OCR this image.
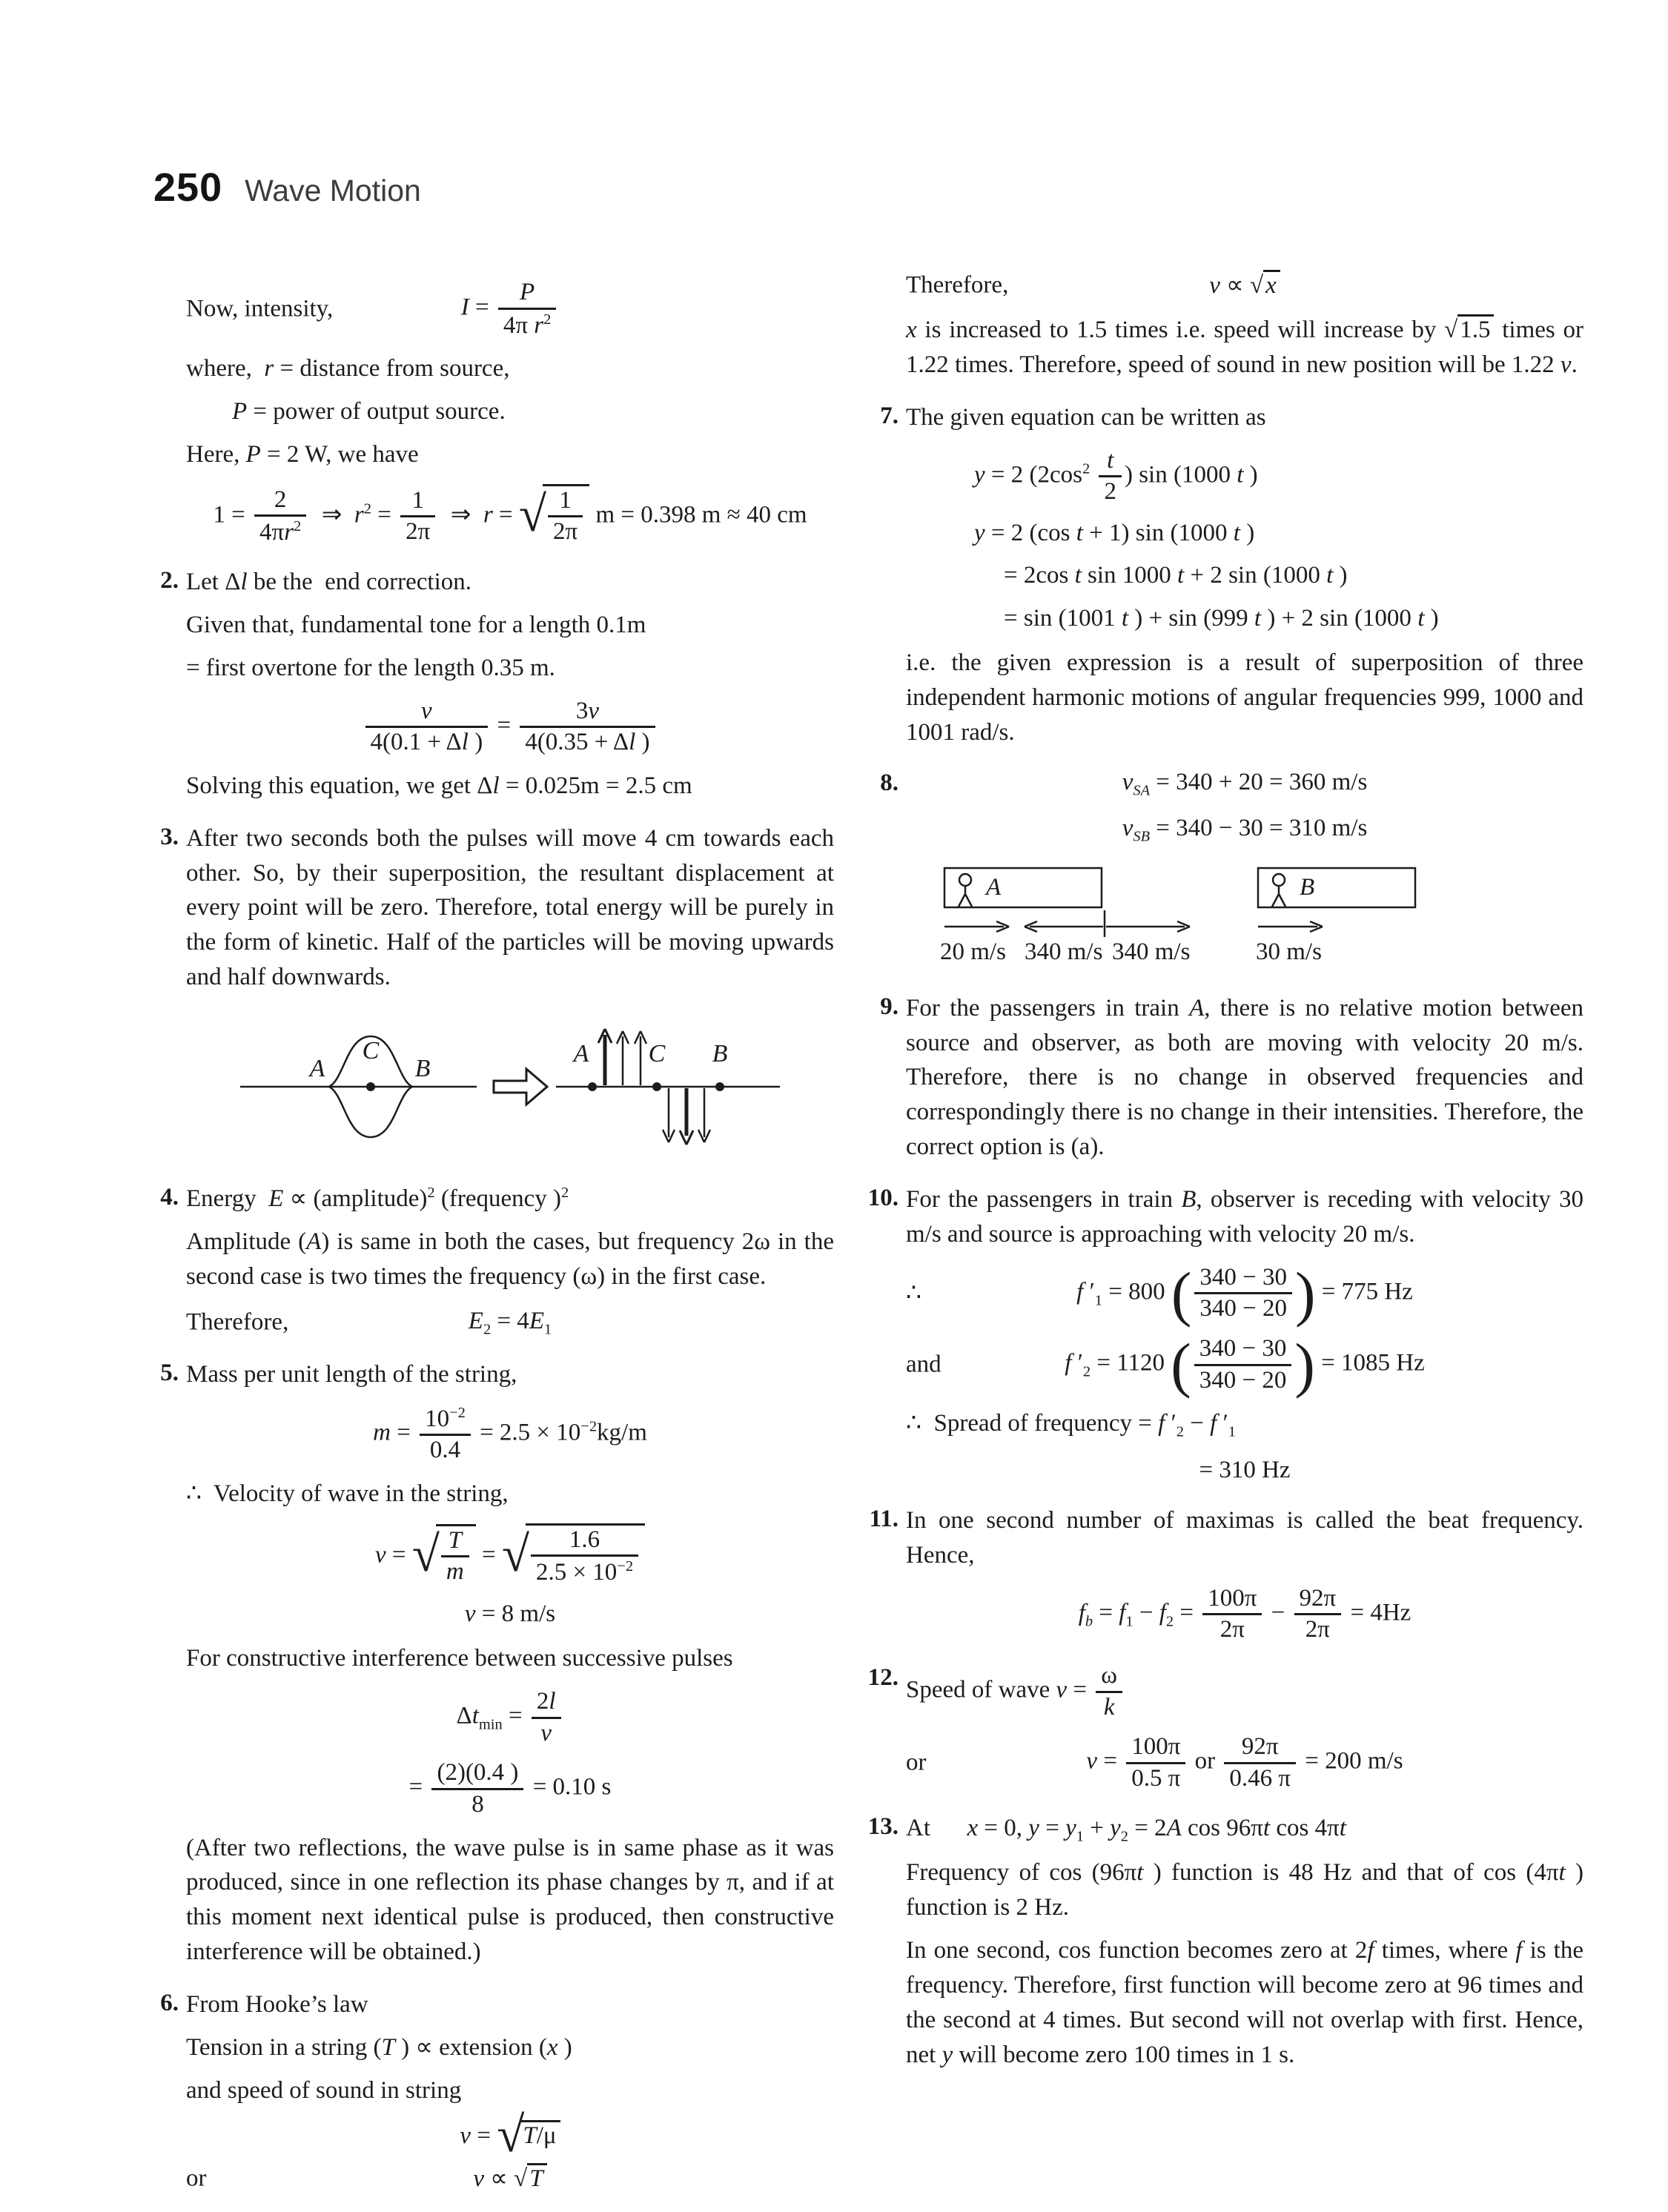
250 Wave Motion
Now, intensity,	$I = \frac{P}{4\pi r^2}$
where,  r = distance from source,
P = power of output source.
Here, P = 2 W, we have
$1 = \frac{2}{4\pi r^2}$ ⇒  $r^2 = \frac{1}{2\pi}$ ⇒  r = √ $\frac{1}{2\pi}$ m = 0.398 m ≈ 40 cm
2. Let Δl be the  end correction.
Given that, fundamental tone for a length 0.1m
= first overtone for the length 0.35 m.
$\frac{v}{4(0.1 + \Delta l )} = \frac{3v}{4(0.35 + \Delta l )}$
Solving this equation, we get Δl = 0.025m = 2.5 cm
3. After two seconds both the pulses will move 4 cm towards each other. So, by their superposition, the resultant displacement at every point will be zero. Therefore, total energy will be purely in the form of kinetic. Half of the particles will be moving upwards and half downwards.
A
C
B
A C B
4. Energy  E ∝ (amplitude)$^2$ (frequency )$^2$
Amplitude (A) is same in both the cases, but frequency 2ω in the second case is two times the frequency (ω) in the first case.
Therefore,	$E_2 = 4E_1$
5. Mass per unit length of the string,
$m = \frac{10^{-2}}{0.4} = 2.5 \times 10^{-2}kg/m$
∴  Velocity of wave in the string,
v = √ $\frac{T}{m}$ = √ $\frac{1.6}{2.5 \times 10^{-2}}$
v = 8 m/s
For constructive interference between successive pulses
$\Delta t_{min} = \frac{2l}{v}$
= $\frac{(2)(0.4 )}{8} = 0.10$ s
(After two reflections, the wave pulse is in same phase as it was produced, since in one reflection its phase changes by π, and if at this moment next identical pulse is produced, then constructive interference will be obtained.)
6. From Hooke’s law
Tension in a string (T ) ∝ extension (x )
and speed of sound in string
v = √T/μ
or	v ∝ √T
Therefore,	v ∝ √x
x is increased to 1.5 times i.e. speed will increase by √1.5 times or 1.22 times. Therefore, speed of sound in new position will be 1.22 v.
7. The given equation can be written as
y = 2 ($2\cos^2 \frac{t}{2}$ ) sin (1000 t )
y = 2 (cos t + 1) sin (1000 t )
= 2cos t sin 1000 t + 2 sin (1000 t )
= sin (1001 t ) + sin (999 t ) + 2 sin (1000 t )
i.e. the given expression is a result of superposition of three independent harmonic motions of angular frequencies 999, 1000 and 1001 rad/s.
8.	$v_{SA} = 340 + 20 = 360$ m/s
$v_{SB} = 340 - 30 = 310$ m/s
A	B
20 m/s 340 m/s 340 m/s	30 m/s
9. For the passengers in train A, there is no relative motion between source and observer, as both are moving with velocity 20 m/s. Therefore, there is no change in observed frequencies and correspondingly there is no change in their intensities. Therefore, the correct option is (a).
10. For the passengers in train B, observer is receding with velocity 30 m/s and source is approaching with velocity 20 m/s.
∴	f $'_1 = 800$ ( $\frac{340 - 30}{340 - 20}$ ) = 775 Hz
and	f $'_2 = 1120$ ( $\frac{340 - 30}{340 - 20}$ ) = 1085 Hz
∴  Spread of frequency = f $'_2 - f$ $'_1$
= 310 Hz
11. In one second number of maximas is called the beat frequency. Hence,
$f_b = f_1 - f_2 = \frac{100\pi}{2\pi} - \frac{92\pi}{2\pi} = 4Hz$
12. Speed of wave $v = \frac{\omega}{k}$
or	$v = \frac{100\pi}{0.5 \pi}$ or $\frac{92\pi}{0.46 \pi} = 200$ m/s
13. At      x = 0, $y = y_1 + y_2 = 2A$ cos 96πt cos 4πt
Frequency of cos (96πt ) function is 48 Hz and that of cos (4πt ) function is 2 Hz.
In one second, cos function becomes zero at 2f times, where f is the frequency. Therefore, first function will become zero at 96 times and the second at 4 times. But second will not overlap with first. Hence, net y will become zero 100 times in 1 s.
